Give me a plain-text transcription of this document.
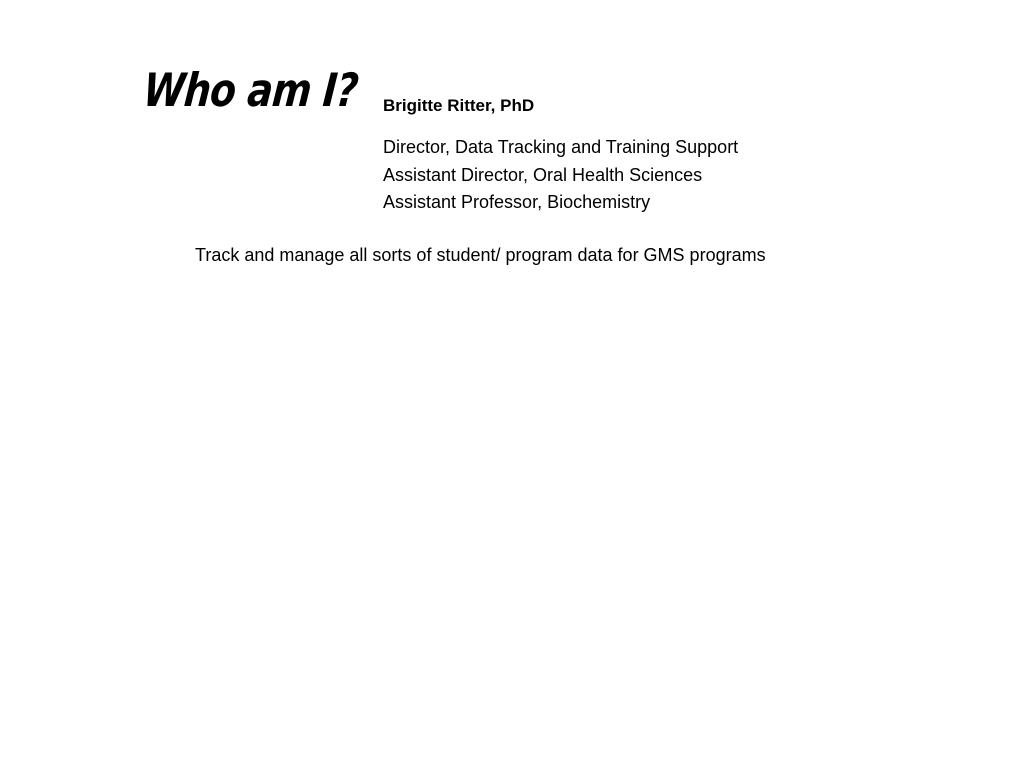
Who am I? Brigitte Ritter, PhD
Director, Data Tracking and Training Support
Assistant Director, Oral Health Sciences
Assistant Professor, Biochemistry
Track and manage all sorts of student/ program data for GMS programs
